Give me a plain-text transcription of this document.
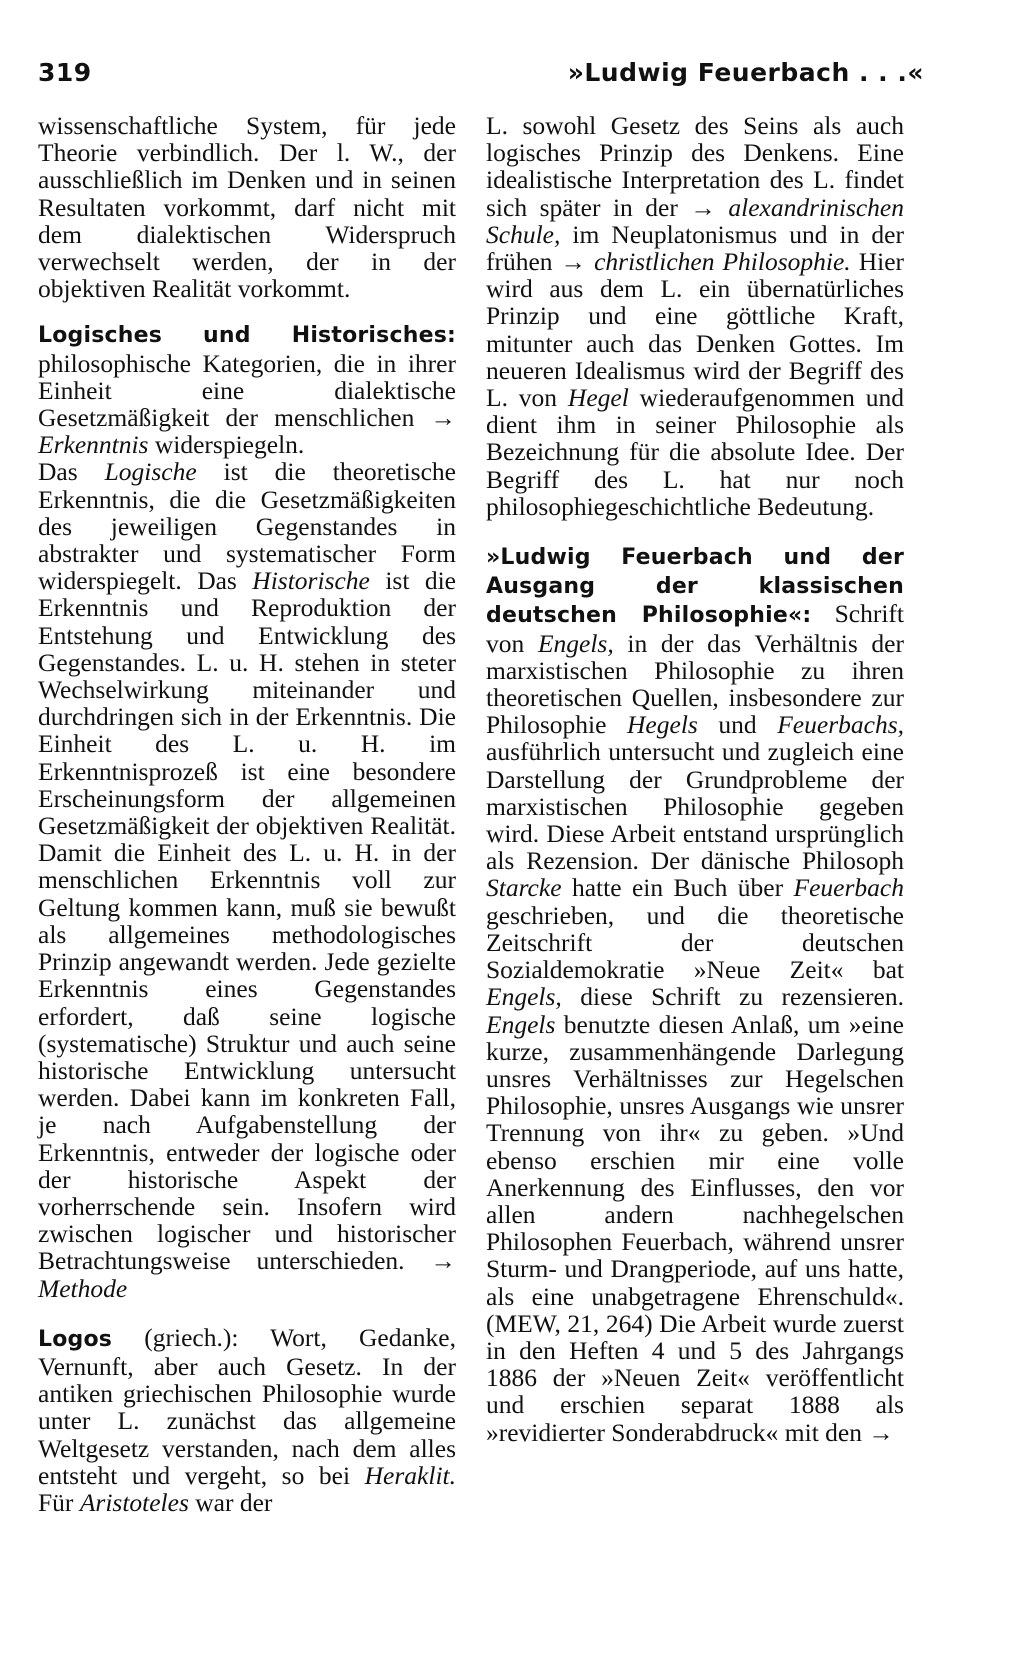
319	»Ludwig Feuerbach . . .«

wissenschaftliche System, für jede Theorie verbindlich. Der l. W., der ausschließlich im Denken und in seinen Resultaten vorkommt, darf nicht mit dem dialektischen Widerspruch verwechselt werden, der in der objektiven Realität vorkommt.

Logisches und Historisches: philosophische Kategorien, die in ihrer Einheit eine dialektische Gesetzmäßigkeit der menschlichen → Erkenntnis widerspiegeln.

Das Logische ist die theoretische Erkenntnis, die die Gesetzmäßigkeiten des jeweiligen Gegenstandes in abstrakter und systematischer Form widerspiegelt. Das Historische ist die Erkenntnis und Reproduktion der Entstehung und Entwicklung des Gegenstandes. L. u. H. stehen in steter Wechselwirkung miteinander und durchdringen sich in der Erkenntnis. Die Einheit des L. u. H. im Erkenntnisprozeß ist eine besondere Erscheinungsform der allgemeinen Gesetzmäßigkeit der objektiven Realität. Damit die Einheit des L. u. H. in der menschlichen Erkenntnis voll zur Geltung kommen kann, muß sie bewußt als allgemeines methodologisches Prinzip angewandt werden. Jede gezielte Erkenntnis eines Gegenstandes erfordert, daß seine logische (systematische) Struktur und auch seine historische Entwicklung untersucht werden. Dabei kann im konkreten Fall, je nach Aufgabenstellung der Erkenntnis, entweder der logische oder der historische Aspekt der vorherrschende sein. Insofern wird zwischen logischer und historischer Betrachtungsweise unterschieden. → Methode

Logos (griech.): Wort, Gedanke, Vernunft, aber auch Gesetz. In der antiken griechischen Philosophie wurde unter L. zunächst das allgemeine Weltgesetz verstanden, nach dem alles entsteht und vergeht, so bei Heraklit. Für Aristoteles war der

L. sowohl Gesetz des Seins als auch logisches Prinzip des Denkens. Eine idealistische Interpretation des L. findet sich später in der → alexandrinischen Schule, im Neuplatonismus und in der frühen → christlichen Philosophie. Hier wird aus dem L. ein übernatürliches Prinzip und eine göttliche Kraft, mitunter auch das Denken Gottes. Im neueren Idealismus wird der Begriff des L. von Hegel wiederaufgenommen und dient ihm in seiner Philosophie als Bezeichnung für die absolute Idee. Der Begriff des L. hat nur noch philosophiegeschichtliche Bedeutung.

»Ludwig Feuerbach und der Ausgang der klassischen deutschen Philosophie«: Schrift von Engels, in der das Verhältnis der marxistischen Philosophie zu ihren theoretischen Quellen, insbesondere zur Philosophie Hegels und Feuerbachs, ausführlich untersucht und zugleich eine Darstellung der Grundprobleme der marxistischen Philosophie gegeben wird. Diese Arbeit entstand ursprünglich als Rezension. Der dänische Philosoph Starcke hatte ein Buch über Feuerbach geschrieben, und die theoretische Zeitschrift der deutschen Sozialdemokratie »Neue Zeit« bat Engels, diese Schrift zu rezensieren. Engels benutzte diesen Anlaß, um »eine kurze, zusammenhängende Darlegung unsres Verhältnisses zur Hegelschen Philosophie, unsres Ausgangs wie unsrer Trennung von ihr« zu geben. »Und ebenso erschien mir eine volle Anerkennung des Einflusses, den vor allen andern nachhegelschen Philosophen Feuerbach, während unsrer Sturm- und Drangperiode, auf uns hatte, als eine unabgetragene Ehrenschuld«. (MEW, 21, 264) Die Arbeit wurde zuerst in den Heften 4 und 5 des Jahrgangs 1886 der »Neuen Zeit« veröffentlicht und erschien separat 1888 als »revidierter Sonderabdruck« mit den →
